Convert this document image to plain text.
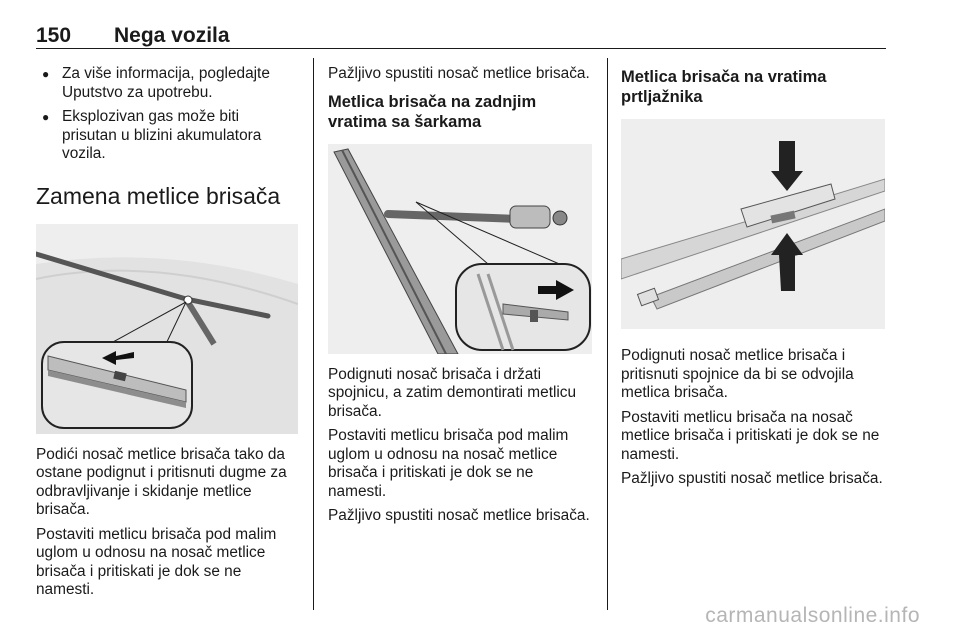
150 Nega vozila
● Za više informacija, pogledajte Uputstvo za upotrebu.
● Eksplozivan gas može biti prisutan u blizini akumulatora vozila.
Zamena metlice brisača

Podići nosač metlice brisača tako da ostane podignut i pritisnuti dugme za odbravljivanje i skidanje metlice brisača.

Postaviti metlicu brisača pod malim uglom u odnosu na nosač metlice brisača i pritiskati je dok se ne namesti.

Pažljivo spustiti nosač metlice brisača.

Metlica brisača na zadnjim vratima sa šarkama

Podignuti nosač brisača i držati spojnicu, a zatim demontirati metlicu brisača.

Postaviti metlicu brisača pod malim uglom u odnosu na nosač metlice brisača i pritiskati je dok se ne namesti.

Pažljivo spustiti nosač metlice brisača.

Metlica brisača na vratima prtljažnika

Podignuti nosač metlice brisača i pritisnuti spojnice da bi se odvojila metlica brisača.

Postaviti metlicu brisača na nosač metlice brisača i pritiskati je dok se ne namesti.

Pažljivo spustiti nosač metlice brisača.

carmanualsonline.info
